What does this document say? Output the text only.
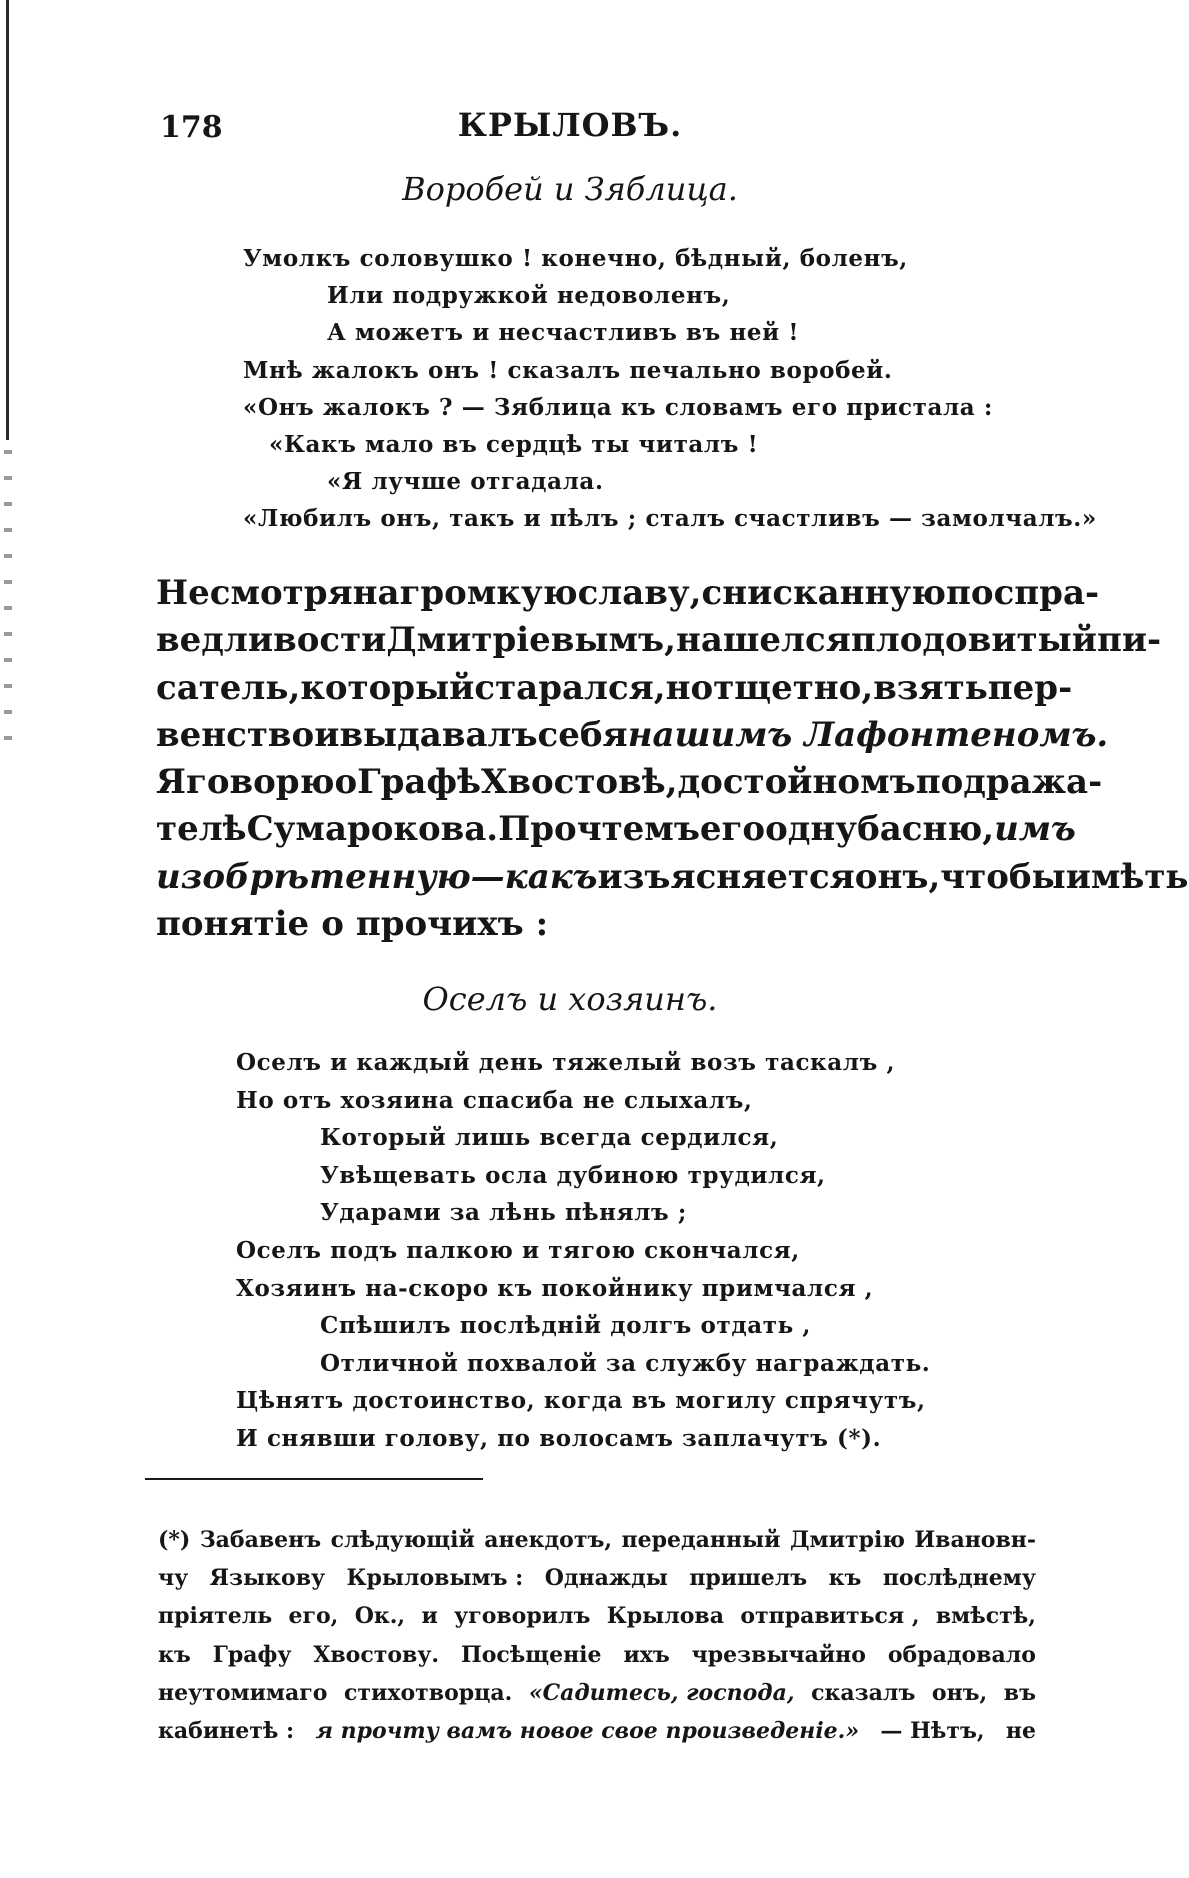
178	КРЫЛОВЪ.
Воробей и Зяблица.
Умолкъ соловушко ! конечно, бѣдный, боленъ,
Или подружкой недоволенъ,
А можетъ и несчастливъ въ ней !
Мнѣ жалокъ онъ ! сказалъ печально воробей.
«Онъ жалокъ ? — Зяблица къ словамъ его пристала :
«Какъ мало въ сердцѣ ты читалъ !
«Я лучше отгадала.
«Любилъ онъ, такъ и пѣлъ ; сталъ счастливъ — замолчалъ.»
Не смотря на громкую славу , снисканную по спра-
ведливости Дмитріевымъ , нашелся плодовитый пи-
сатель , который старался , но тщетно, взять пер-
венство и выдавалъ себя нашимъ Лафонтеномъ.
Я говорю о Графѣ Хвостовѣ , достойномъ подража-
телѣ Сумарокова. Прочтемъ его одну басню, имъ
изобрѣтенную—какъ изъясняется онъ , чтобы имѣть
понятіе о прочихъ :
Оселъ и хозяинъ.
Оселъ и каждый день тяжелый возъ таскалъ ,
Но отъ хозяина спасиба не слыхалъ,
Который лишь всегда сердился,
Увѣщевать осла дубиною трудился,
Ударами за лѣнь пѣнялъ ;
Оселъ подъ палкою и тягою скончался,
Хозяинъ на-скоро къ покойнику примчался ,
Спѣшилъ послѣдній долгъ отдать ,
Отличной похвалой за службу награждать.
Цѣнятъ достоинство, когда въ могилу спрячутъ,
И снявши голову, по волосамъ заплачутъ (*).
(*) Забавенъ слѣдующій анекдотъ, переданный Дмитрію Ивановн-
чу Языкову Крыловымъ : Однажды пришелъ къ послѣднему
пріятель его, Ок., и уговорилъ Крылова отправиться , вмѣстѣ,
къ Графу Хвостову. Посѣщеніе ихъ чрезвычайно обрадовало
неутомимаго стихотворца. «Садитесь, господа, сказалъ онъ, въ
кабинетѣ : я прочту вамъ новое свое произведеніе.» — Нѣтъ, не
